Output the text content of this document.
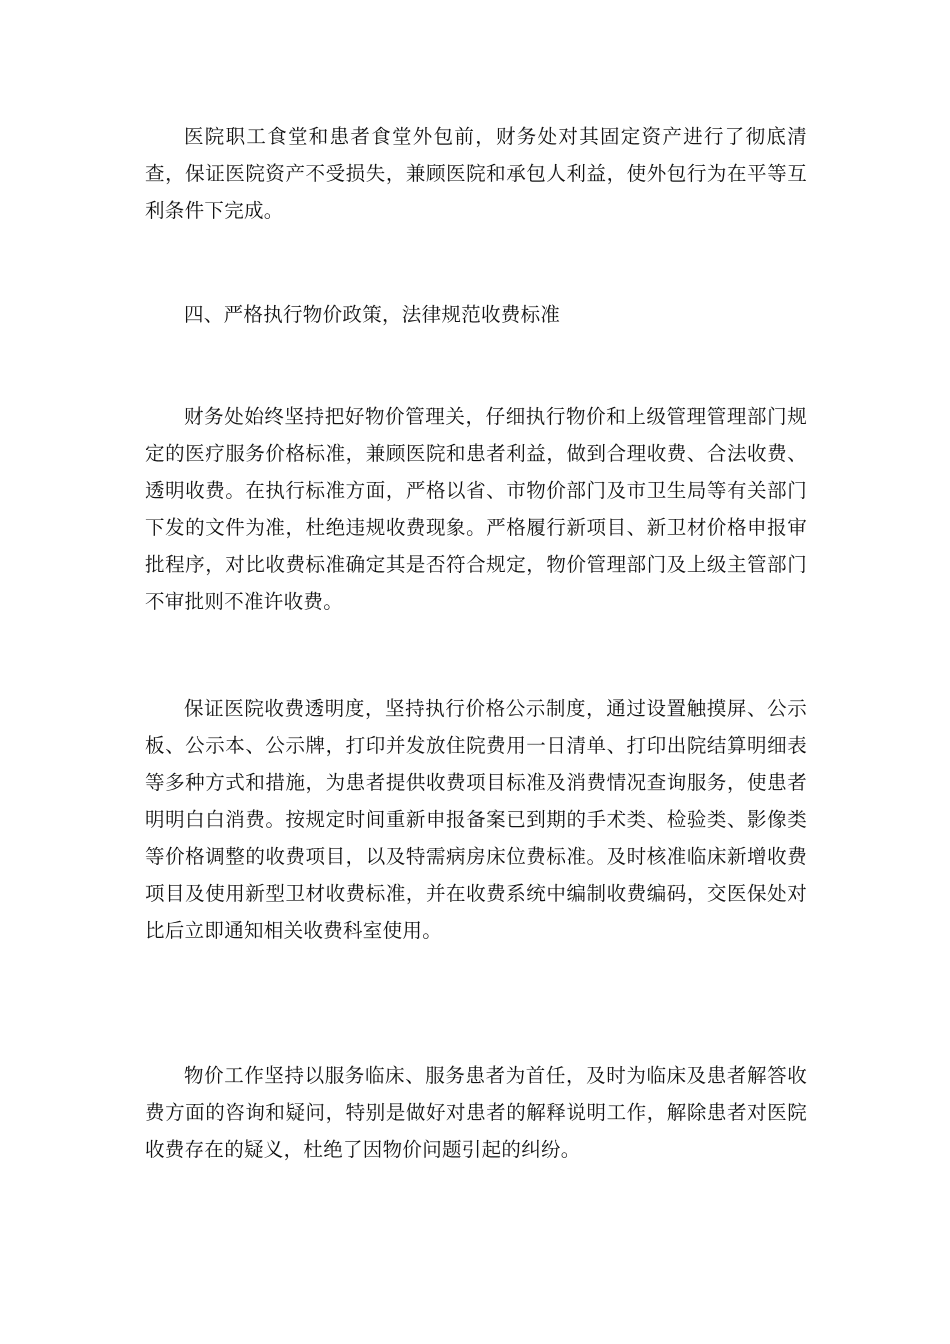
医院职工食堂和患者食堂外包前，财务处对其固定资产进行了彻底清查，保证医院资产不受损失，兼顾医院和承包人利益，使外包行为在平等互利条件下完成。

四、严格执行物价政策，法律规范收费标准

财务处始终坚持把好物价管理关，仔细执行物价和上级管理管理部门规定的医疗服务价格标准，兼顾医院和患者利益，做到合理收费、合法收费、透明收费。在执行标准方面，严格以省、市物价部门及市卫生局等有关部门下发的文件为准，杜绝违规收费现象。严格履行新项目、新卫材价格申报审批程序，对比收费标准确定其是否符合规定，物价管理部门及上级主管部门不审批则不准许收费。

保证医院收费透明度，坚持执行价格公示制度，通过设置触摸屏、公示板、公示本、公示牌，打印并发放住院费用一日清单、打印出院结算明细表等多种方式和措施，为患者提供收费项目标准及消费情况查询服务，使患者明明白白消费。按规定时间重新申报备案已到期的手术类、检验类、影像类等价格调整的收费项目，以及特需病房床位费标准。及时核准临床新增收费项目及使用新型卫材收费标准，并在收费系统中编制收费编码，交医保处对比后立即通知相关收费科室使用。

物价工作坚持以服务临床、服务患者为首任，及时为临床及患者解答收费方面的咨询和疑问，特别是做好对患者的解释说明工作，解除患者对医院收费存在的疑义，杜绝了因物价问题引起的纠纷。
